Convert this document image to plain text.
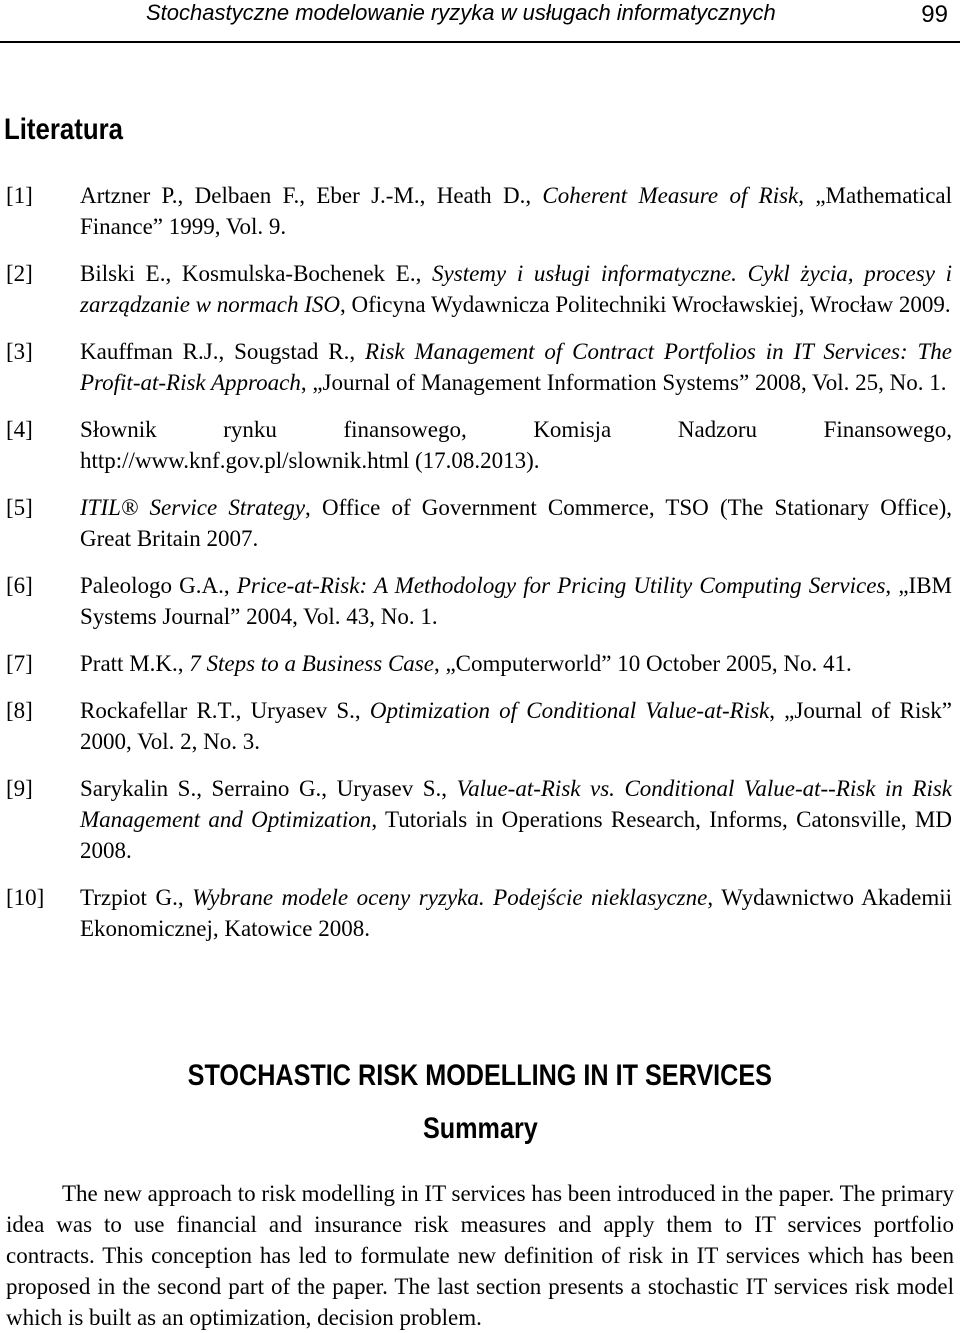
Stochastyczne modelowanie ryzyka w usługach informatycznych	99
Literatura
[1] Artzner P., Delbaen F., Eber J.-M., Heath D., Coherent Measure of Risk, „Mathematical Finance” 1999, Vol. 9.
[2] Bilski E., Kosmulska-Bochenek E., Systemy i usługi informatyczne. Cykl życia, procesy i zarządzanie w normach ISO, Oficyna Wydawnicza Politechniki Wrocławskiej, Wrocław 2009.
[3] Kauffman R.J., Sougstad R., Risk Management of Contract Portfolios in IT Services: The Profit-at-Risk Approach, „Journal of Management Information Systems” 2008, Vol. 25, No. 1.
[4] Słownik rynku finansowego, Komisja Nadzoru Finansowego, http://www.knf.gov.pl/slownik.html (17.08.2013).
[5] ITIL® Service Strategy, Office of Government Commerce, TSO (The Stationary Office), Great Britain 2007.
[6] Paleologo G.A., Price-at-Risk: A Methodology for Pricing Utility Computing Services, „IBM Systems Journal” 2004, Vol. 43, No. 1.
[7] Pratt M.K., 7 Steps to a Business Case, „Computerworld” 10 October 2005, No. 41.
[8] Rockafellar R.T., Uryasev S., Optimization of Conditional Value-at-Risk, „Journal of Risk” 2000, Vol. 2, No. 3.
[9] Sarykalin S., Serraino G., Uryasev S., Value-at-Risk vs. Conditional Value-at--Risk in Risk Management and Optimization, Tutorials in Operations Research, Informs, Catonsville, MD 2008.
[10] Trzpiot G., Wybrane modele oceny ryzyka. Podejście nieklasyczne, Wydawnictwo Akademii Ekonomicznej, Katowice 2008.
STOCHASTIC RISK MODELLING IN IT SERVICES
Summary

The new approach to risk modelling in IT services has been introduced in the paper. The primary idea was to use financial and insurance risk measures and apply them to IT services portfolio contracts. This conception has led to formulate new definition of risk in IT services which has been proposed in the second part of the paper. The last section presents a stochastic IT services risk model which is built as an optimization, decision problem.
